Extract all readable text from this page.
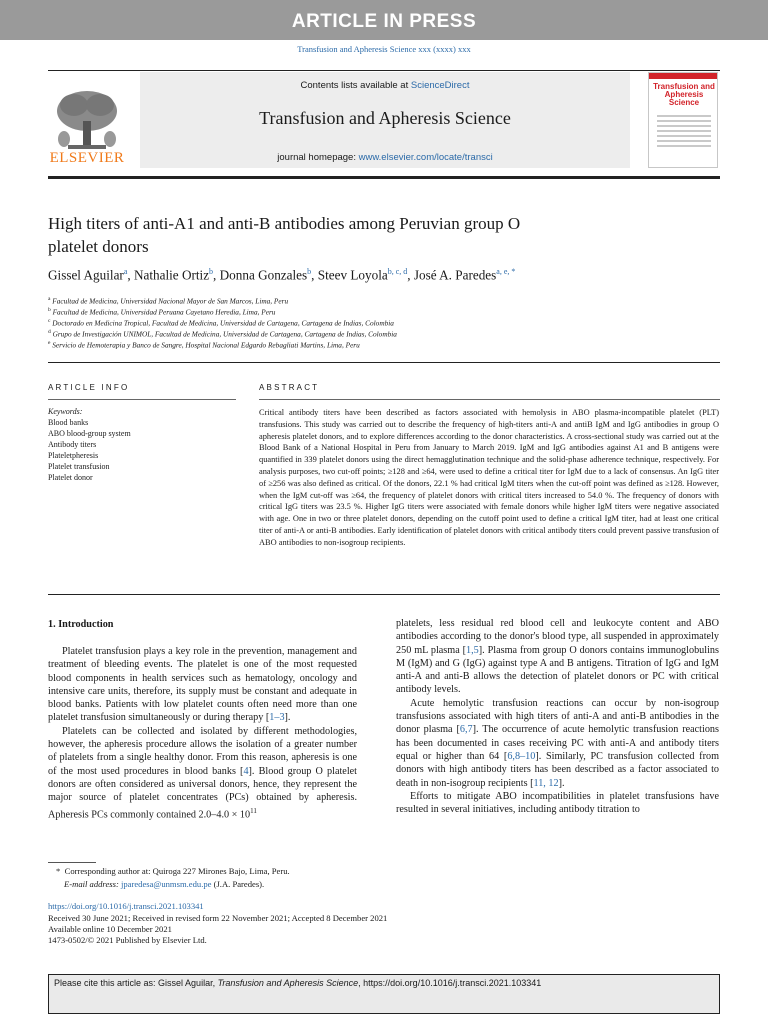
ARTICLE IN PRESS
Transfusion and Apheresis Science xxx (xxxx) xxx
ELSEVIER
Contents lists available at ScienceDirect
Transfusion and Apheresis Science
journal homepage: www.elsevier.com/locate/transci
Transfusion and Apheresis Science
High titers of anti-A1 and anti-B antibodies among Peruvian group O
platelet donors
Gissel Aguilar$^a$, Nathalie Ortiz$^b$, Donna Gonzales$^b$, Steev Loyola$^{b, c, d}$, José A. Paredes$^{a, e, *}$
$^a$ Facultad de Medicina, Universidad Nacional Mayor de San Marcos, Lima, Peru
$^b$ Facultad de Medicina, Universidad Peruana Cayetano Heredia, Lima, Peru
$^c$ Doctorado en Medicina Tropical, Facultad de Medicina, Universidad de Cartagena, Cartagena de Indias, Colombia
$^d$ Grupo de Investigación UNIMOL, Facultad de Medicina, Universidad de Cartagena, Cartagena de Indias, Colombia
$^e$ Servicio de Hemoterapia y Banco de Sangre, Hospital Nacional Edgardo Rebagliati Martins, Lima, Peru
ARTICLE INFO
Keywords:
Blood banks
ABO blood-group system
Antibody titers
Plateletpheresis
Platelet transfusion
Platelet donor
ABSTRACT
Critical antibody titers have been described as factors associated with hemolysis in ABO plasma-incompatible platelet (PLT) transfusions. This study was carried out to describe the frequency of high-titers anti-A and antiB IgM and IgG antibodies in group O apheresis platelet donors, and to explore differences according to the donor characteristics. A cross-sectional study was carried out at the Blood Bank of a National Hospital in Peru from January to March 2019. IgM and IgG antibodies against A1 and B antigens were quantified in 339 platelet donors using the direct hemagglutination technique and the solid-phase adherence technique, respectively. For analysis purposes, two cut-off points; ≥128 and ≥64, were used to define a critical titer for IgM due to a lack of consensus. An IgG titer of ≥256 was also defined as critical. Of the donors, 22.1 % had critical IgM titers when the cut-off point was defined as ≥128. However, when the IgM cut-off was ≥64, the frequency of platelet donors with critical titers increased to 54.0 %. The frequency of donors with critical IgG titers was 23.5 %. Higher IgG titers were associated with female donors while higher IgM titers were negative associated with age. One in two or three platelet donors, depending on the cutoff point used to define a critical IgM titer, had at least one critical titer of anti-A or anti-B antibodies. Early identification of platelet donors with critical antibody titers could prevent passive transfusion of ABO antibodies to non-isogroup recipients.
1. Introduction

Platelet transfusion plays a key role in the prevention, management and treatment of bleeding events. The platelet is one of the most requested blood components in health services such as hematology, oncology and intensive care units, therefore, its supply must be constant and adequate in blood banks. Patients with low platelet counts often need more than one platelet transfusion simultaneously or during therapy [1–3].

Platelets can be collected and isolated by different methodologies, however, the apheresis procedure allows the isolation of a greater number of platelets from a single healthy donor. From this reason, apheresis is one of the most used procedures in blood banks [4]. Blood group O platelet donors are often considered as universal donors, hence, they represent the major source of platelet concentrates (PCs) obtained by apheresis. Apheresis PCs commonly contained $2.0-4.0 \times 10^{11}$

platelets, less residual red blood cell and leukocyte content and ABO antibodies according to the donor's blood type, all suspended in approximately 250 mL plasma [1,5]. Plasma from group O donors contains immunoglobulins M (IgM) and G (IgG) against type A and B antigens. Titration of IgG and IgM anti-A and anti-B allows the detection of platelet donors or PC with critical antibody levels.

Acute hemolytic transfusion reactions can occur by non-isogroup transfusions associated with high titers of anti-A and anti-B antibodies in the donor plasma [6,7]. The occurrence of acute hemolytic transfusion reactions has been documented in cases receiving PC with anti-A and antibody titers equal or higher than 64 [6,8–10]. Similarly, PC transfusion collected from donors with high antibody titers has been described as a factor associated to death in non-isogroup recipients [11, 12].

Efforts to mitigate ABO incompatibilities in platelet transfusions have resulted in several initiatives, including antibody titration to

* Corresponding author at: Quiroga 227 Mirones Bajo, Lima, Peru.
E-mail address: jparedesa@unmsm.edu.pe (J.A. Paredes).
https://doi.org/10.1016/j.transci.2021.103341
Received 30 June 2021; Received in revised form 22 November 2021; Accepted 8 December 2021
Available online 10 December 2021
1473-0502/© 2021 Published by Elsevier Ltd.
Please cite this article as: Gissel Aguilar, Transfusion and Apheresis Science, https://doi.org/10.1016/j.transci.2021.103341
